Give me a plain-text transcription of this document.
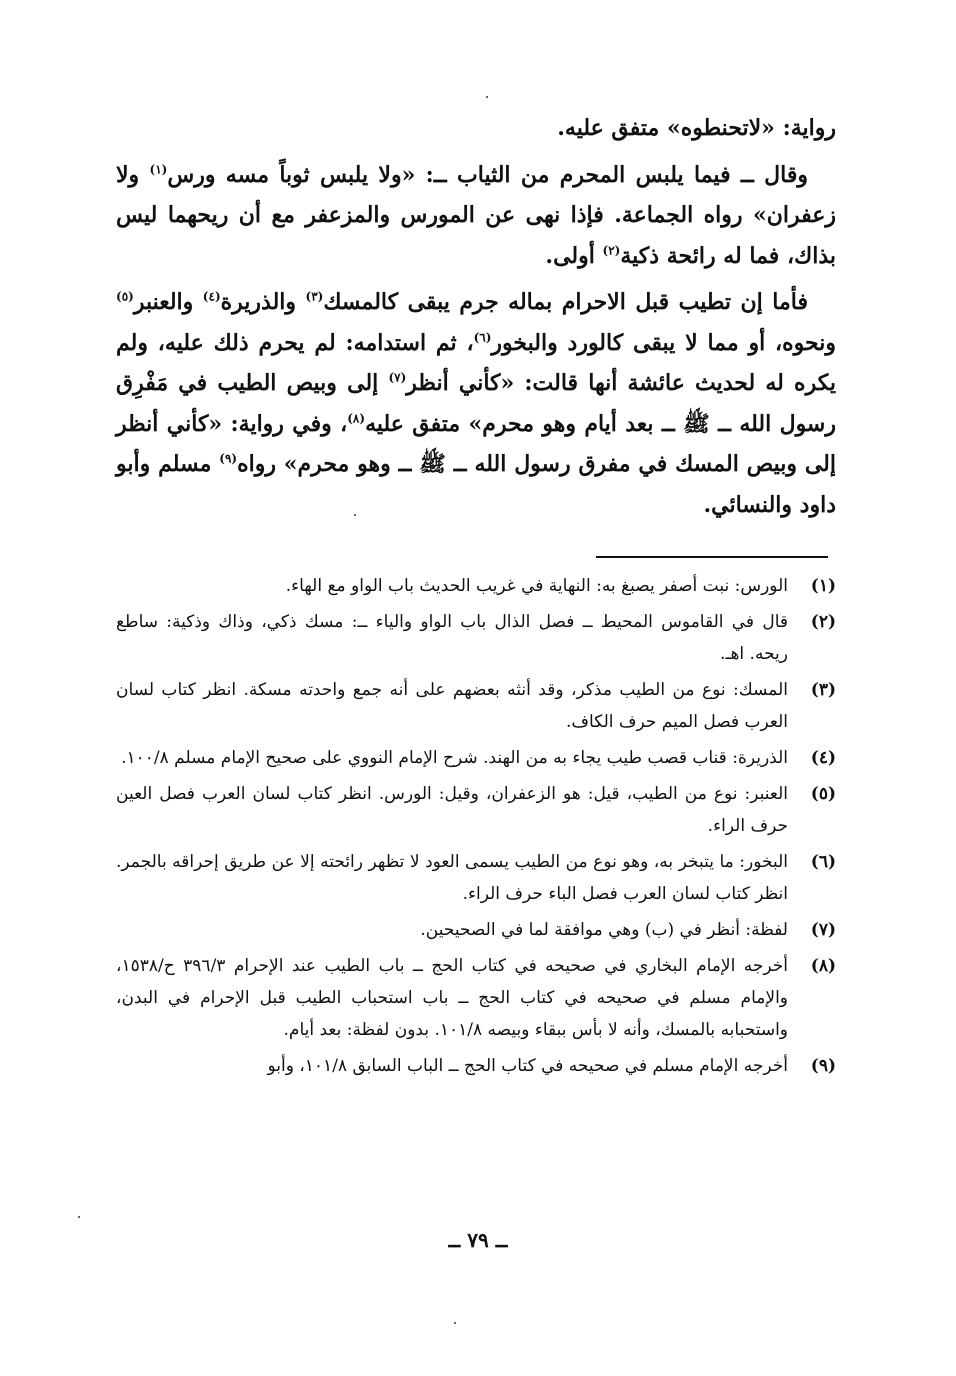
رواية: «لاتحنطوه» متفق عليه.

وقال ــ فيما يلبس المحرم من الثياب ــ: «ولا يلبس ثوباً مسه ورس$^{(١)}$ ولا زعفران» رواه الجماعة. فإذا نهى عن المورس والمزعفر مع أن ريحهما ليس بذاك، فما له رائحة ذكية$^{(٢)}$ أولى.

فأما إن تطيب قبل الاحرام بماله جرم يبقى كالمسك$^{(٣)}$ والذريرة$^{(٤)}$ والعنبر$^{(٥)}$ ونحوه، أو مما لا يبقى كالورد والبخور$^{(٦)}$، ثم استدامه: لم يحرم ذلك عليه، ولم يكره له لحديث عائشة أنها قالت: «كأني أنظر$^{(٧)}$ إلى وبيص الطيب في مَفْرِق رسول الله ــ ﷺ ــ بعد أيام وهو محرم» متفق عليه$^{(٨)}$، وفي رواية: «كأني أنظر إلى وبيص المسك في مفرق رسول الله ــ ﷺ ــ وهو محرم» رواه$^{(٩)}$ مسلم وأبو داود والنسائي.

(١)
الورس: نبت أصفر يصبغ به: النهاية في غريب الحديث باب الواو مع الهاء.
(٢)
قال في القاموس المحيط ــ فصل الذال باب الواو والياء ــ: مسك ذكي، وذاك وذكية: ساطع ريحه. اهـ.
(٣)
المسك: نوع من الطيب مذكر، وقد أنثه بعضهم على أنه جمع واحدته مسكة. انظر كتاب لسان العرب فصل الميم حرف الكاف.
(٤)
الذريرة: قناب قصب طيب يجاء به من الهند. شرح الإمام النووي على صحيح الإمام مسلم ١٠٠/٨.
(٥)
العنبر: نوع من الطيب، قيل: هو الزعفران، وقيل: الورس. انظر كتاب لسان العرب فصل العين حرف الراء.
(٦)
البخور: ما يتبخر به، وهو نوع من الطيب يسمى العود لا تظهر رائحته إلا عن طريق إحراقه بالجمر. انظر كتاب لسان العرب فصل الباء حرف الراء.
(٧)
لفظة: أنظر في (ب) وهي موافقة لما في الصحيحين.
(٨)
أخرجه الإمام البخاري في صحيحه في كتاب الحج ــ باب الطيب عند الإحرام ٣٩٦/٣ ح/١٥٣٨، والإمام مسلم في صحيحه في كتاب الحج ــ باب استحباب الطيب قبل الإحرام في البدن، واستحبابه بالمسك، وأنه لا بأس ببقاء وبيصه ١٠١/٨. بدون لفظة: بعد أيام.
(٩)
أخرجه الإمام مسلم في صحيحه في كتاب الحج ــ الباب السابق ١٠١/٨، وأبو
ــ ٧٩ ــ
